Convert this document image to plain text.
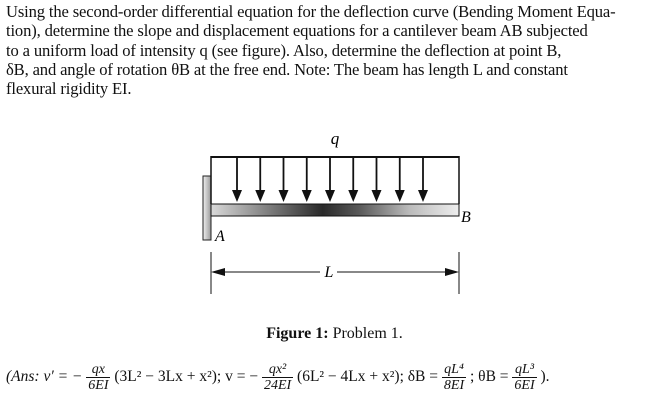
Using the second-order differential equation for the deflection curve (Bending Moment Equa-
tion), determine the slope and displacement equations for a cantilever beam AB subjected
to a uniform load of intensity q (see figure). Also, determine the deflection at point B,
δB, and angle of rotation θB at the free end. Note: The beam has length L and constant
flexural rigidity EI.
q
B
A
L
Figure 1: Problem 1.
(Ans: v′ = − $\frac{qx}{6EI} (3L^2 - 3Lx + x^2)$; v = − $\frac{\text{qx²}}{24EI} (6L^2 - 4Lx + x^2)$; $\delta B = \frac{\text{qL⁴}}{8EI}$ ; $\theta B = \frac{\text{qL³}}{6EI}$ ).
